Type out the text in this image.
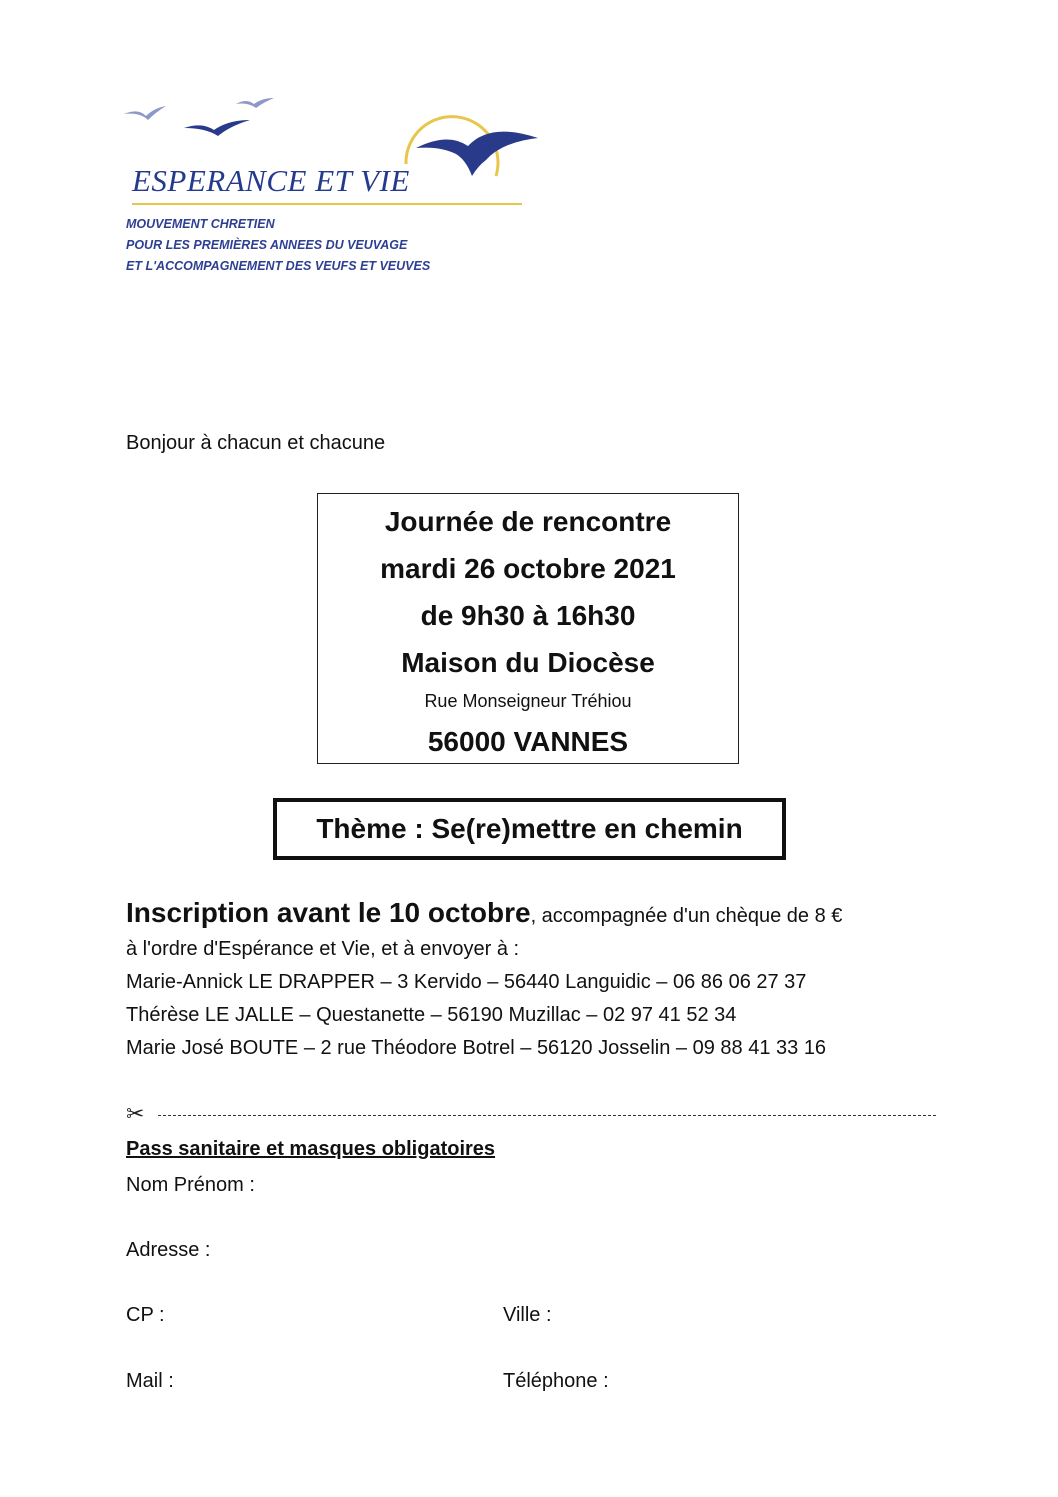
ESPERANCE ET VIE
MOUVEMENT CHRETIEN
POUR LES PREMIÈRES ANNEES DU VEUVAGE
ET L'ACCOMPAGNEMENT DES VEUFS ET VEUVES
Bonjour à chacun et chacune
Journée de rencontre
mardi 26 octobre 2021
de 9h30 à 16h30
Maison du Diocèse
Rue Monseigneur Tréhiou
56000 VANNES
Thème : Se(re)mettre en chemin
Inscription avant le 10 octobre, accompagnée d'un chèque de 8 €
à l'ordre d'Espérance et Vie, et à envoyer à :
Marie-Annick LE DRAPPER – 3 Kervido – 56440 Languidic – 06 86 06 27 37
Thérèse LE JALLE – Questanette – 56190 Muzillac – 02 97 41 52 34
Marie José BOUTE – 2 rue Théodore Botrel – 56120 Josselin – 09 88 41 33 16
✂
Pass sanitaire et masques obligatoires
Nom Prénom :
Adresse :
CP :	Ville :
Mail :	Téléphone :
